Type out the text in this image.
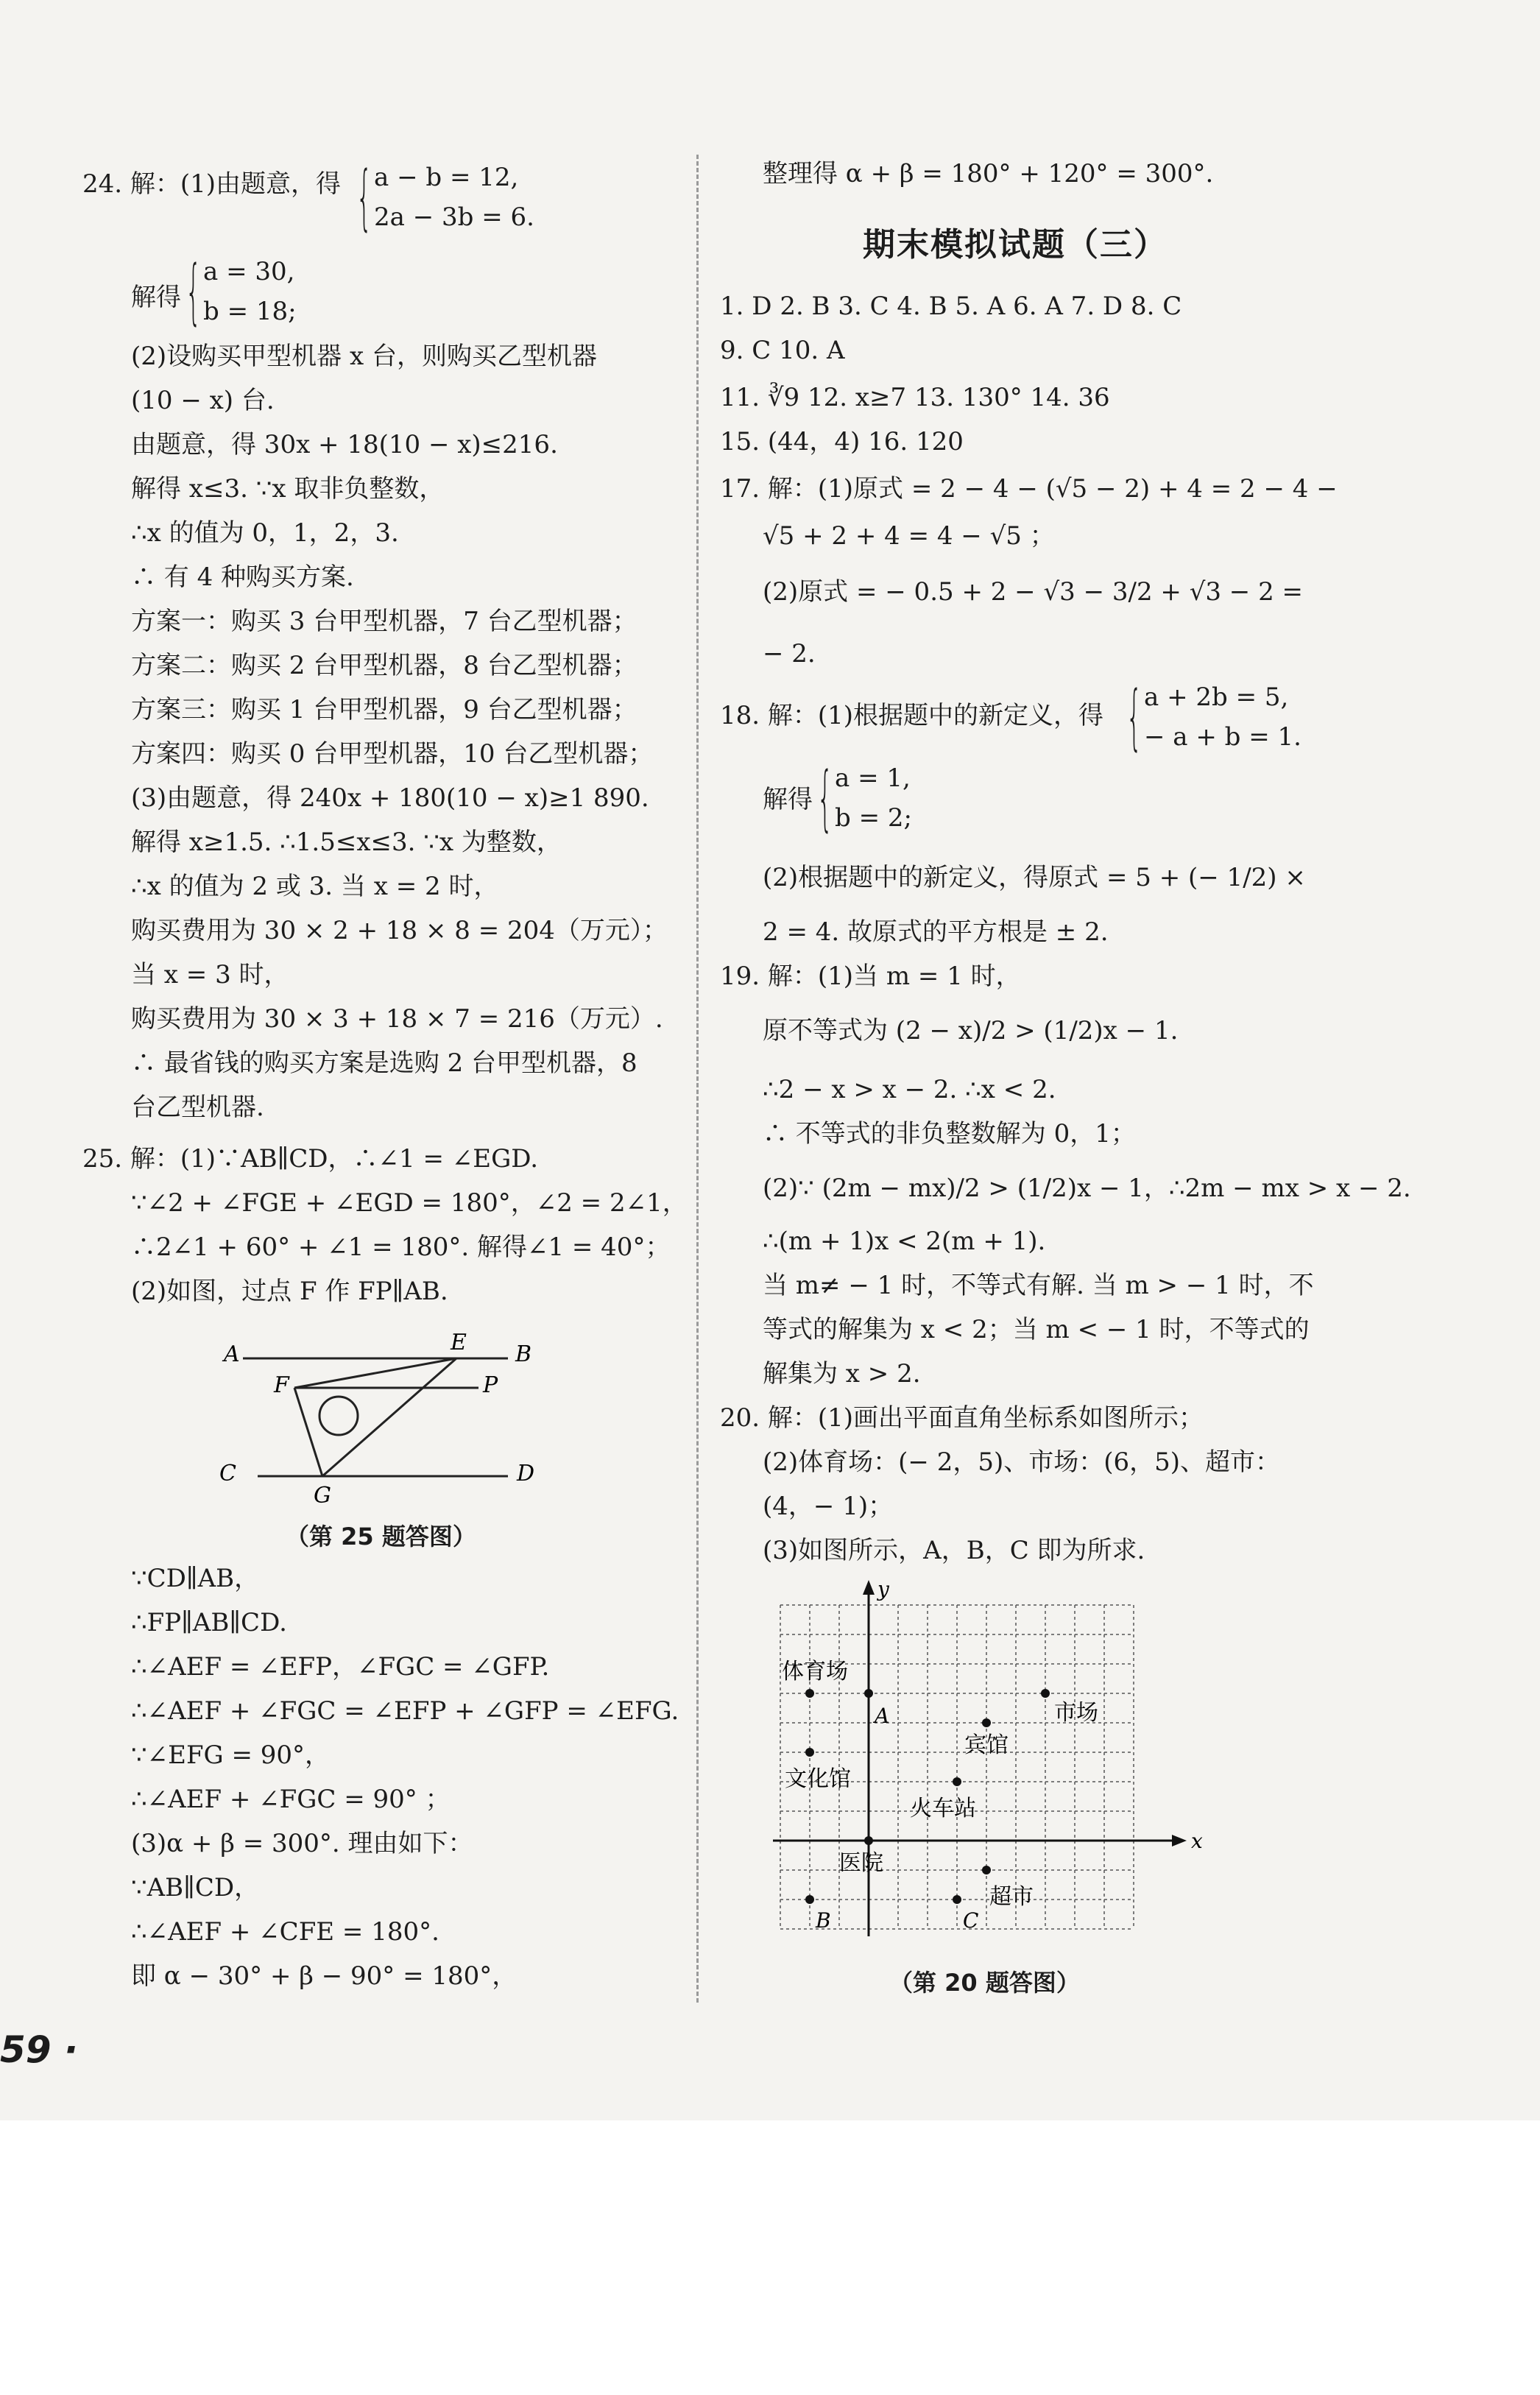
24. 解：(1)由题意，得 { a − b = 12,
2a − 3b = 6.
解得 { a = 30,
b = 18;
(2)设购买甲型机器 x 台，则购买乙型机器
(10 − x) 台.
由题意，得 30x + 18(10 − x)≤216.
解得 x≤3. ∵x 取非负整数，
∴x 的值为 0，1，2，3.
∴ 有 4 种购买方案.
方案一：购买 3 台甲型机器，7 台乙型机器；
方案二：购买 2 台甲型机器，8 台乙型机器；
方案三：购买 1 台甲型机器，9 台乙型机器；
方案四：购买 0 台甲型机器，10 台乙型机器；
(3)由题意，得 240x + 180(10 − x)≥1 890.
解得 x≥1.5. ∴1.5≤x≤3. ∵x 为整数，
∴x 的值为 2 或 3. 当 x = 2 时，
购买费用为 30 × 2 + 18 × 8 = 204（万元）；
当 x = 3 时，
购买费用为 30 × 3 + 18 × 7 = 216（万元）.
∴ 最省钱的购买方案是选购 2 台甲型机器，8
台乙型机器.
25. 解：(1)∵AB∥CD，∴∠1 = ∠EGD.
∵∠2 + ∠FGE + ∠EGD = 180°，∠2 = 2∠1，
∴2∠1 + 60° + ∠1 = 180°. 解得∠1 = 40°；
(2)如图，过点 F 作 FP∥AB.
A	E B
F	P
C
G
D
（第 25 题答图）
∵CD∥AB，
∴FP∥AB∥CD.
∴∠AEF = ∠EFP，∠FGC = ∠GFP.
∴∠AEF + ∠FGC = ∠EFP + ∠GFP = ∠EFG.
∵∠EFG = 90°，
∴∠AEF + ∠FGC = 90° ；
(3)α + β = 300°. 理由如下：
∵AB∥CD，
∴∠AEF + ∠CFE = 180°.
即 α − 30° + β − 90° = 180°，
整理得 α + β = 180° + 120° = 300°.
期末模拟试题（三）
1. D 2. B 3. C 4. B 5. A 6. A 7. D 8. C
9. C 10. A
11. ∛9 12. x≥7 13. 130° 14. 36
15. (44，4) 16. 120
17. 解：(1)原式 = 2 − 4 − (√5 − 2) + 4 = 2 − 4 −
√5 + 2 + 4 = 4 − √5 ；
(2)原式 = − 0.5 + 2 − √3 − 3/2 + √3 − 2 =
− 2.
18. 解：(1)根据题中的新定义，得 { a + 2b = 5,
− a + b = 1.
解得 { a = 1,
b = 2;
(2)根据题中的新定义，得原式 = 5 + (− 1/2) ×
2 = 4. 故原式的平方根是 ± 2.
19. 解：(1)当 m = 1 时，
原不等式为 (2 − x)/2 > (1/2)x − 1.
∴2 − x > x − 2. ∴x < 2.
∴ 不等式的非负整数解为 0，1；
(2)∵ (2m − mx)/2 > (1/2)x − 1，∴2m − mx > x − 2.
∴(m + 1)x < 2(m + 1).
当 m≠ − 1 时，不等式有解. 当 m > − 1 时，不
等式的解集为 x < 2；当 m < − 1 时，不等式的
解集为 x > 2.
20. 解：(1)画出平面直角坐标系如图所示；
(2)体育场：(− 2，5)、市场：(6，5)、超市：
(4，− 1)；
(3)如图所示，A，B，C 即为所求.
x
y
体育场
A	市场
宾馆
文化馆
火车站
医院
超市
B	C
（第 20 题答图）
59 ·
